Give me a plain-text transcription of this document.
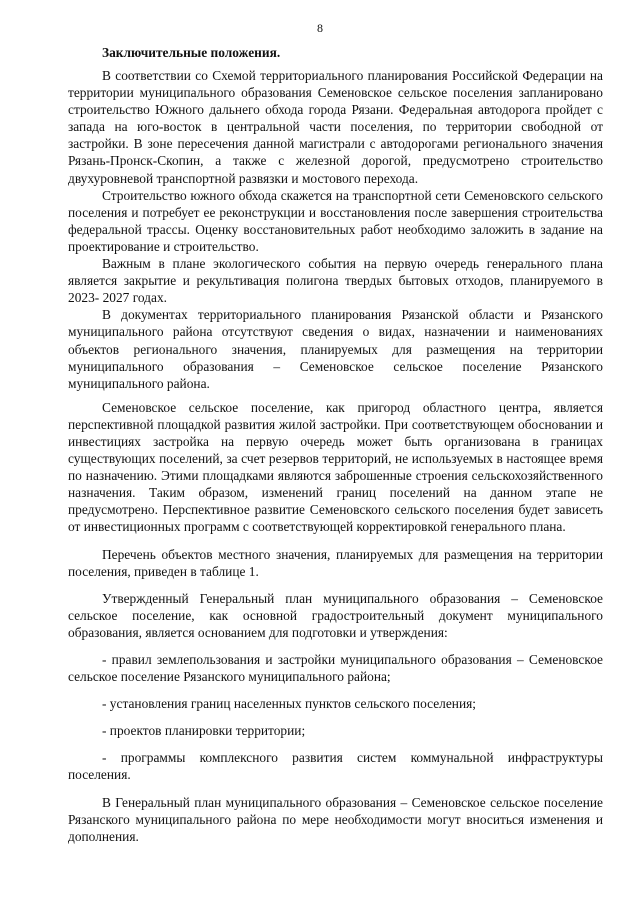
8

Заключительные положения.

В соответствии со Схемой территориального планирования Российской Федерации на территории муниципального образования Семеновское сельское поселения запланировано строительство Южного дальнего обхода города Рязани. Федеральная автодорога пройдет с запада на юго-восток в центральной части поселения, по территории свободной от застройки. В зоне пересечения данной магистрали с автодорогами регионального значения Рязань-Пронск-Скопин, а также с железной дорогой, предусмотрено строительство двухуровневой транспортной развязки и мостового перехода.

Строительство южного обхода скажется на транспортной сети Семеновского сельского поселения и потребует ее реконструкции и восстановления после завершения строительства федеральной трассы. Оценку восстановительных работ необходимо заложить в задание на проектирование и строительство.

Важным в плане экологического события на первую очередь генерального плана является закрытие и рекультивация полигона твердых бытовых отходов, планируемого в 2023- 2027 годах.

В документах территориального планирования Рязанской области и Рязанского муниципального района отсутствуют сведения о видах, назначении и наименованиях объектов регионального значения, планируемых для размещения на территории муниципального образования – Семеновское сельское поселение Рязанского муниципального района.

Семеновское сельское поселение, как пригород областного центра, является перспективной площадкой развития жилой застройки. При соответствующем обосновании и инвестициях застройка на первую очередь может быть организована в границах существующих поселений, за счет резервов территорий, не используемых в настоящее время по назначению. Этими площадками являются заброшенные строения сельскохозяйственного назначения. Таким образом, изменений границ поселений на данном этапе не предусмотрено. Перспективное развитие Семеновского сельского поселения будет зависеть от инвестиционных программ с соответствующей корректировкой генерального плана.

Перечень объектов местного значения, планируемых для размещения на территории поселения, приведен в таблице 1.

Утвержденный Генеральный план муниципального образования – Семеновское сельское поселение, как основной градостроительный документ муниципального образования, является основанием для подготовки и утверждения:

- правил землепользования и застройки муниципального образования – Семеновское сельское поселение Рязанского муниципального района;

- установления границ населенных пунктов сельского поселения;

- проектов планировки территории;

- программы комплексного развития систем коммунальной инфраструктуры поселения.

В Генеральный план муниципального образования – Семеновское сельское поселение Рязанского муниципального района по мере необходимости могут вноситься изменения и дополнения.
